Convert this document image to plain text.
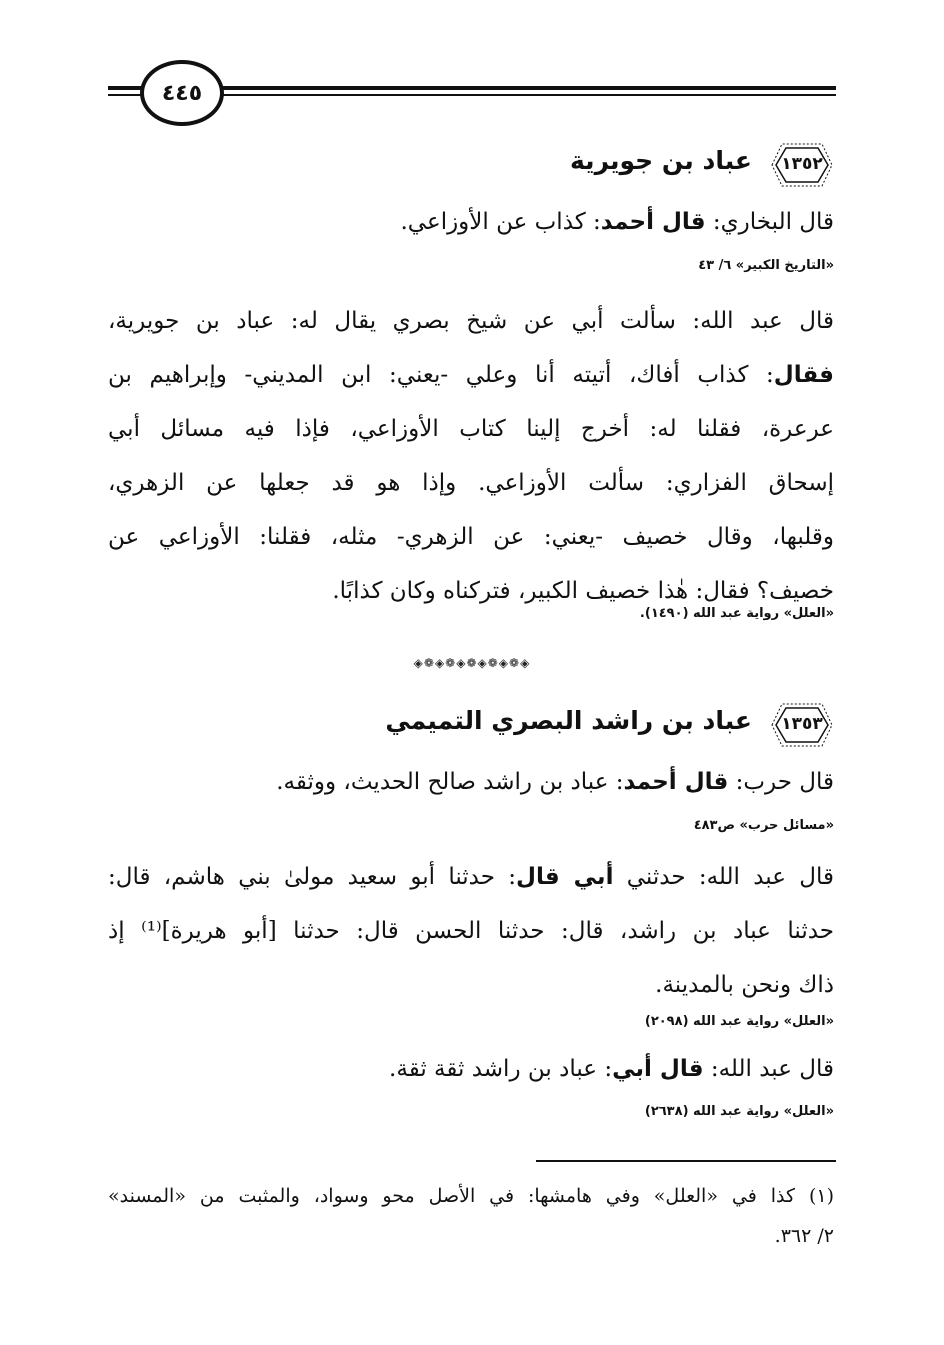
٤٤٥
١٣٥٢
عباد بن جويرية
قال البخاري: قال أحمد: كذاب عن الأوزاعي.
«التاريخ الكبير» ٦/ ٤٣
قال عبد الله: سألت أبي عن شيخ بصري يقال له: عباد بن جويرية،
فقال: كذاب أفاك، أتيته أنا وعلي -يعني: ابن المديني- وإبراهيم بن
عرعرة، فقلنا له: أخرج إلينا كتاب الأوزاعي، فإذا فيه مسائل أبي
إسحاق الفزاري: سألت الأوزاعي. وإذا هو قد جعلها عن الزهري،
وقلبها، وقال خصيف -يعني: عن الزهري- مثله، فقلنا: الأوزاعي عن
خصيف؟ فقال: هٰذا خصيف الكبير، فتركناه وكان كذابًا.
«العلل» رواية عبد الله (١٤٩٠).
◈❁◈❁◈❁◈❁◈❁◈
١٣٥٣
عباد بن راشد البصري التميمي
قال حرب: قال أحمد: عباد بن راشد صالح الحديث، ووثقه.
«مسائل حرب» ص٤٨٣
قال عبد الله: حدثني أبي قال: حدثنا أبو سعيد مولىٰ بني هاشم، قال:
حدثنا عباد بن راشد، قال: حدثنا الحسن قال: حدثنا [أبو هريرة]⁽¹⁾ إذ
ذاك ونحن بالمدينة.
«العلل» رواية عبد الله (٢٠٩٨)
قال عبد الله: قال أبي: عباد بن راشد ثقة ثقة.
«العلل» رواية عبد الله (٢٦٣٨)
(١) كذا في «العلل» وفي هامشها: في الأصل محو وسواد، والمثبت من «المسند»
٢/ ٣٦٢.
